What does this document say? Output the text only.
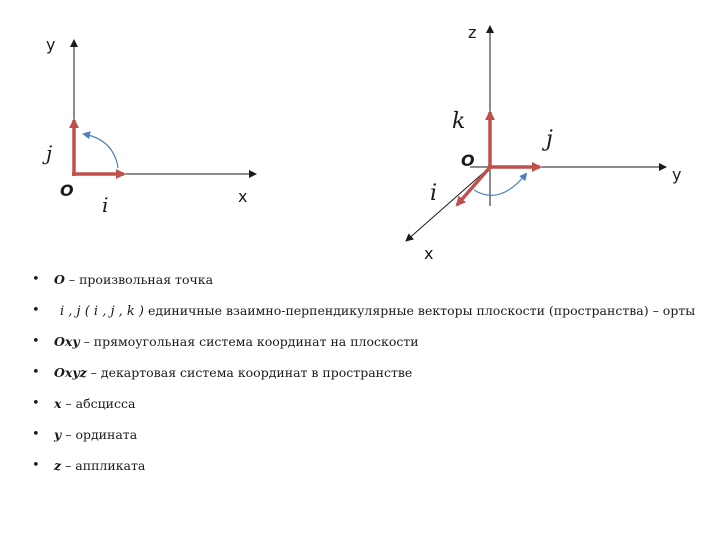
x
y
O
i
j
z
y
x
O
k
j
i
• O – произвольная точка
• i , j ( i , j , k ) единичные взаимно-перпендикулярные векторы плоскости (пространства) – орты
• Oxy – прямоугольная система координат на плоскости
• Oxyz – декартовая система координат в пространстве
• x – абсцисса
• y – ордината
• z – аппликата
